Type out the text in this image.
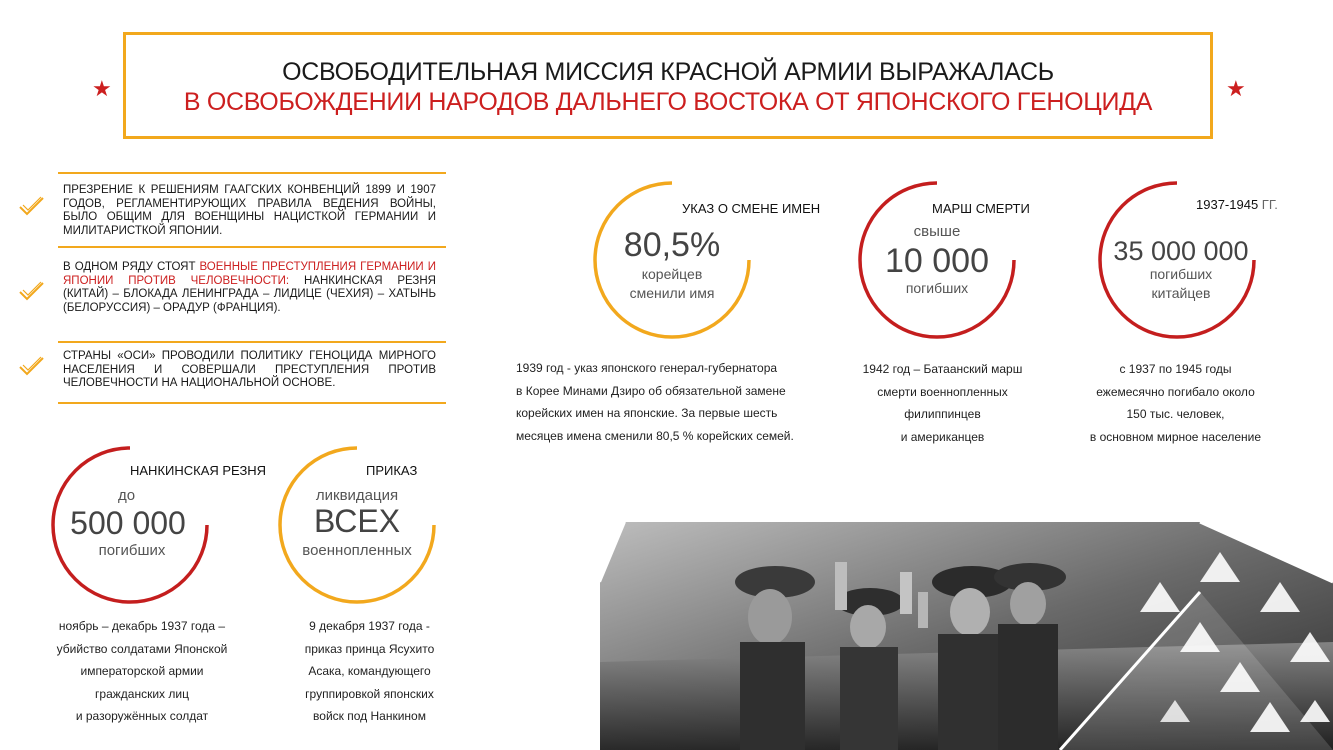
ОСВОБОДИТЕЛЬНАЯ МИССИЯ КРАСНОЙ АРМИИ ВЫРАЖАЛАСЬ
В ОСВОБОЖДЕНИИ НАРОДОВ ДАЛЬНЕГО ВОСТОКА ОТ ЯПОНСКОГО ГЕНОЦИДА
★	★
ПРЕЗРЕНИЕ К РЕШЕНИЯМ ГААГСКИХ КОНВЕНЦИЙ 1899 И 1907 ГОДОВ, РЕГЛАМЕНТИРУЮЩИХ ПРАВИЛА ВЕДЕНИЯ ВОЙНЫ, БЫЛО ОБЩИМ ДЛЯ ВОЕНЩИНЫ НАЦИСТКОЙ ГЕРМАНИИ И МИЛИТАРИСТКОЙ ЯПОНИИ.
В ОДНОМ РЯДУ СТОЯТ ВОЕННЫЕ ПРЕСТУПЛЕНИЯ ГЕРМАНИИ И ЯПОНИИ ПРОТИВ ЧЕЛОВЕЧНОСТИ: НАНКИНСКАЯ РЕЗНЯ (КИТАЙ) – БЛОКАДА ЛЕНИНГРАДА – ЛИДИЦЕ (ЧЕХИЯ) – ХАТЫНЬ (БЕЛОРУССИЯ) – ОРАДУР (ФРАНЦИЯ).
СТРАНЫ «ОСИ» ПРОВОДИЛИ ПОЛИТИКУ ГЕНОЦИДА МИРНОГО НАСЕЛЕНИЯ И СОВЕРШАЛИ ПРЕСТУПЛЕНИЯ ПРОТИВ ЧЕЛОВЕЧНОСТИ НА НАЦИОНАЛЬНОЙ ОСНОВЕ.
УКАЗ О СМЕНЕ ИМЕН
80,5%
корейцев
сменили имя
1939 год - указ японского генерал-губернатора
в Корее Минами Дзиро об обязательной замене
корейских имен на японские. За первые шесть
месяцев имена сменили 80,5 % корейских семей.
МАРШ СМЕРТИ
свыше
10 000
погибших
1942 год – Батаанский марш
смерти военнопленных
филиппинцев
и американцев
1937-1945 ГГ.
35 000 000
погибших
китайцев
с 1937 по 1945 годы
ежемесячно погибало около
150 тыс. человек,
в основном мирное население
НАНКИНСКАЯ РЕЗНЯ
до
500 000
погибших
ноябрь – декабрь 1937 года –
убийство солдатами Японской
императорской армии
гражданских лиц
и разоружённых солдат
ПРИКАЗ
ликвидация
ВСЕХ
военнопленных
9 декабря 1937 года -
приказ принца Ясухито
Асака, командующего
группировкой японских
войск под Нанкином
